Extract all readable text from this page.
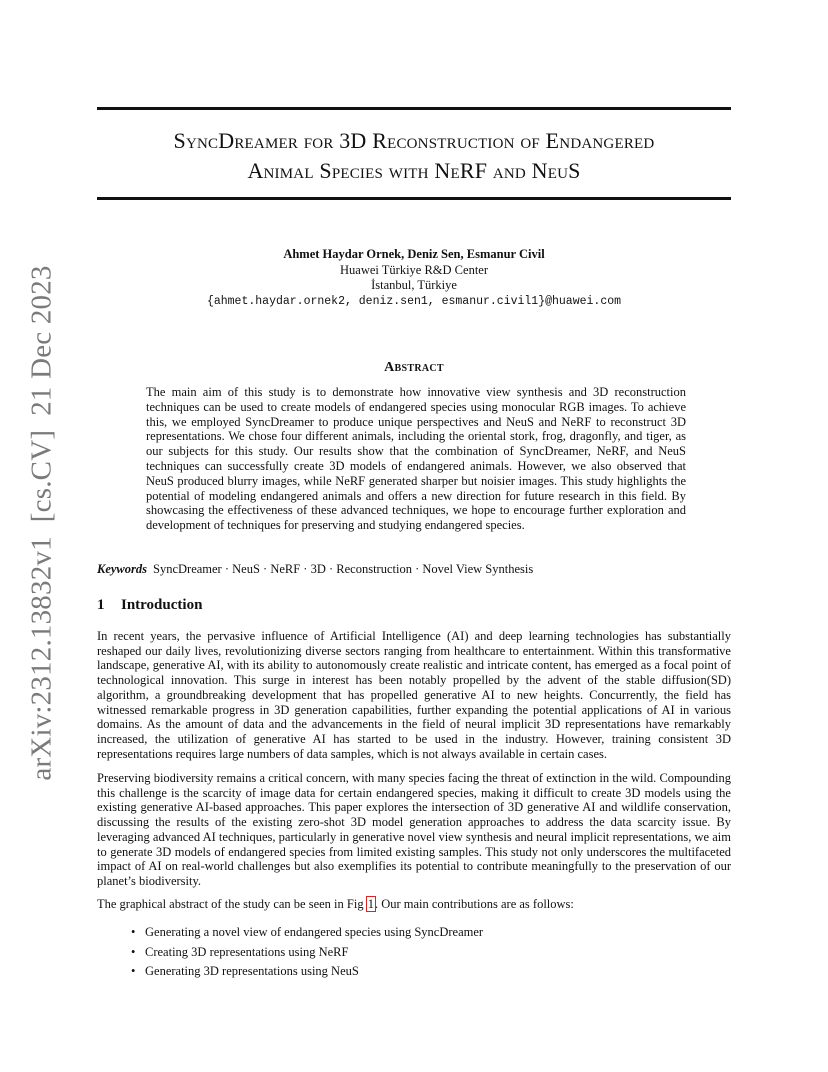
arXiv:2312.13832v1[cs.CV]21 Dec 2023
SyncDreamer for 3D Reconstruction of Endangered
Animal Species with NeRF and NeuS
Ahmet Haydar Ornek, Deniz Sen, Esmanur Civil
Huawei Türkiye R&D Center
İstanbul, Türkiye
{ahmet.haydar.ornek2, deniz.sen1, esmanur.civil1}@huawei.com
Abstract

The main aim of this study is to demonstrate how innovative view synthesis and 3D reconstruction techniques can be used to create models of endangered species using monocular RGB images. To achieve this, we employed SyncDreamer to produce unique perspectives and NeuS and NeRF to reconstruct 3D representations. We chose four different animals, including the oriental stork, frog, dragonfly, and tiger, as our subjects for this study. Our results show that the combination of SyncDreamer, NeRF, and NeuS techniques can successfully create 3D models of endangered animals. However, we also observed that NeuS produced blurry images, while NeRF generated sharper but noisier images. This study highlights the potential of modeling endangered animals and offers a new direction for future research in this field. By showcasing the effectiveness of these advanced techniques, we hope to encourage further exploration and development of techniques for preserving and studying endangered species.

Keywords SyncDreamer · NeuS · NeRF · 3D · Reconstruction · Novel View Synthesis
1 Introduction

In recent years, the pervasive influence of Artificial Intelligence (AI) and deep learning technologies has substantially reshaped our daily lives, revolutionizing diverse sectors ranging from healthcare to entertainment. Within this transformative landscape, generative AI, with its ability to autonomously create realistic and intricate content, has emerged as a focal point of technological innovation. This surge in interest has been notably propelled by the advent of the stable diffusion(SD) algorithm, a groundbreaking development that has propelled generative AI to new heights. Concurrently, the field has witnessed remarkable progress in 3D generation capabilities, further expanding the potential applications of AI in various domains. As the amount of data and the advancements in the field of neural implicit 3D representations have remarkably increased, the utilization of generative AI has started to be used in the industry. However, training consistent 3D representations requires large numbers of data samples, which is not always available in certain cases.

Preserving biodiversity remains a critical concern, with many species facing the threat of extinction in the wild. Compounding this challenge is the scarcity of image data for certain endangered species, making it difficult to create 3D models using the existing generative AI-based approaches. This paper explores the intersection of 3D generative AI and wildlife conservation, discussing the results of the existing zero-shot 3D model generation approaches to address the data scarcity issue. By leveraging advanced AI techniques, particularly in generative novel view synthesis and neural implicit representations, we aim to generate 3D models of endangered species from limited existing samples. This study not only underscores the multifaceted impact of AI on real-world challenges but also exemplifies its potential to contribute meaningfully to the preservation of our planet’s biodiversity.

The graphical abstract of the study can be seen in Fig 1. Our main contributions are as follows:

• Generating a novel view of endangered species using SyncDreamer
• Creating 3D representations using NeRF
• Generating 3D representations using NeuS
